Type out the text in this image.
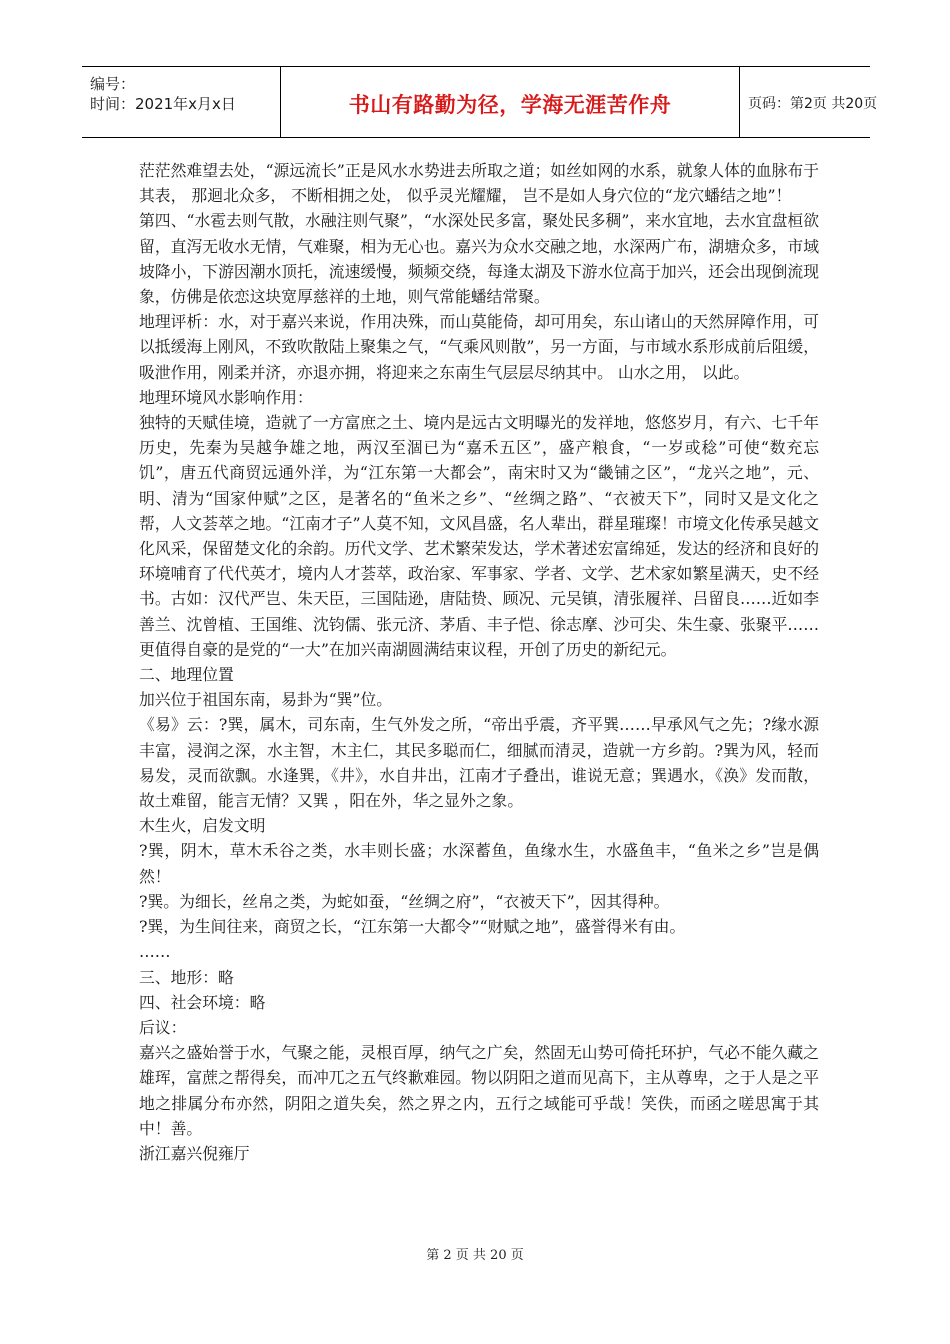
编号：
时间：2021年x月x日	书山有路勤为径，学海无涯苦作舟	页码：第2页 共20页

茫茫然难望去处，“源远流长”正是风水水势进去所取之道；如丝如网的水系，就象人体的血脉布于其表， 那迴北众多， 不断相拥之处， 似乎灵光耀耀， 岂不是如人身穴位的“龙穴蟠结之地”！

第四、“水雹去则气散，水融注则气聚”，“水深处民多富，聚处民多稠”，来水宜地，去水宜盘桓欲留，直泻无收水无情，气难聚，相为无心也。嘉兴为众水交融之地，水深两广布，湖塘众多，市域坡降小，下游因潮水顶托，流速缓慢，频频交绕，每逢太湖及下游水位高于加兴，还会出现倒流现象，仿佛是依恋这块宽厚慈祥的土地，则气常能蟠结常聚。

地理评析：水，对于嘉兴来说，作用决殊，而山莫能倚，却可用矣，东山诸山的天然屏障作用，可以抵缓海上刚风，不致吹散陆上聚集之气，“气乘风则散”，另一方面，与市域水系形成前后阻缓，吸泄作用，刚柔并济，亦退亦拥，将迎来之东南生气层层尽纳其中。 山水之用， 以此。

地理环境风水影响作用：

独特的天赋佳境，造就了一方富庶之土、境内是远古文明曝光的发祥地，悠悠岁月，有六、七千年历史，先秦为吴越争雄之地，两汉至涸已为“嘉禾五区”，盛产粮食，“一岁或稔”可使“数充忘饥”，唐五代商贸远通外洋，为“江东第一大都会”，南宋时又为“畿铺之区”，“龙兴之地”，元、明、清为“国家仲赋”之区，是著名的“鱼米之乡”、“丝绸之路”、“衣被天下”，同时又是文化之帮，人文荟萃之地。“江南才子”人莫不知，文风昌盛，名人辈出，群星璀璨！市境文化传承吴越文化风采，保留楚文化的余韵。历代文学、艺术繁荣发达，学术著述宏富绵延，发达的经济和良好的环境哺育了代代英才，境内人才荟萃，政治家、军事家、学者、文学、艺术家如繁星满天，史不经书。古如：汉代严岂、朱天臣，三国陆逊，唐陆贽、顾况、元吴镇，清张履祥、吕留良……近如李善兰、沈曾植、王国维、沈钧儒、张元济、茅盾、丰子恺、徐志摩、沙可尖、朱生豪、张聚平……更值得自豪的是党的“一大”在加兴南湖圆满结束议程，开创了历史的新纪元。

二、地理位置

加兴位于祖国东南，易卦为“巽”位。

《易》云：?巽，属木，司东南，生气外发之所，“帝出乎震，齐平巽……早承风气之先；?缘水源丰富，浸润之深，水主智，木主仁，其民多聪而仁，细腻而清灵，造就一方乡韵。?巽为风，轻而易发，灵而欲飘。水逢巽，《井》，水自井出，江南才子叠出，谁说无意；巽遇水，《涣》发而散，故土难留，能言无情？又巽 ，阳在外，华之显外之象。

木生火，启发文明

?巽，阴木，草木禾谷之类，水丰则长盛；水深蓄鱼，鱼缘水生，水盛鱼丰，“鱼米之乡”岂是偶然！

?巽。为细长，丝帛之类，为蛇如蚕，“丝绸之府”，“衣被天下”，因其得种。

?巽，为生间往来，商贸之长，“江东第一大都令”“财赋之地”，盛誉得米有由。

……

三、地形：略

四、社会环境：略

后议：

嘉兴之盛始誉于水，气聚之能，灵根百厚，纳气之广矣，然固无山势可倚托环护，气必不能久藏之雄珲，富蔗之帮得矣，而冲兀之五气终歉难园。物以阴阳之道而见高下，主从尊卑，之于人是之平地之排属分布亦然，阴阳之道失矣，然之界之内，五行之域能可乎哉！笑佚，而函之嗟思寓于其中！善。

浙江嘉兴倪雍厅

第 2 页 共 20 页
